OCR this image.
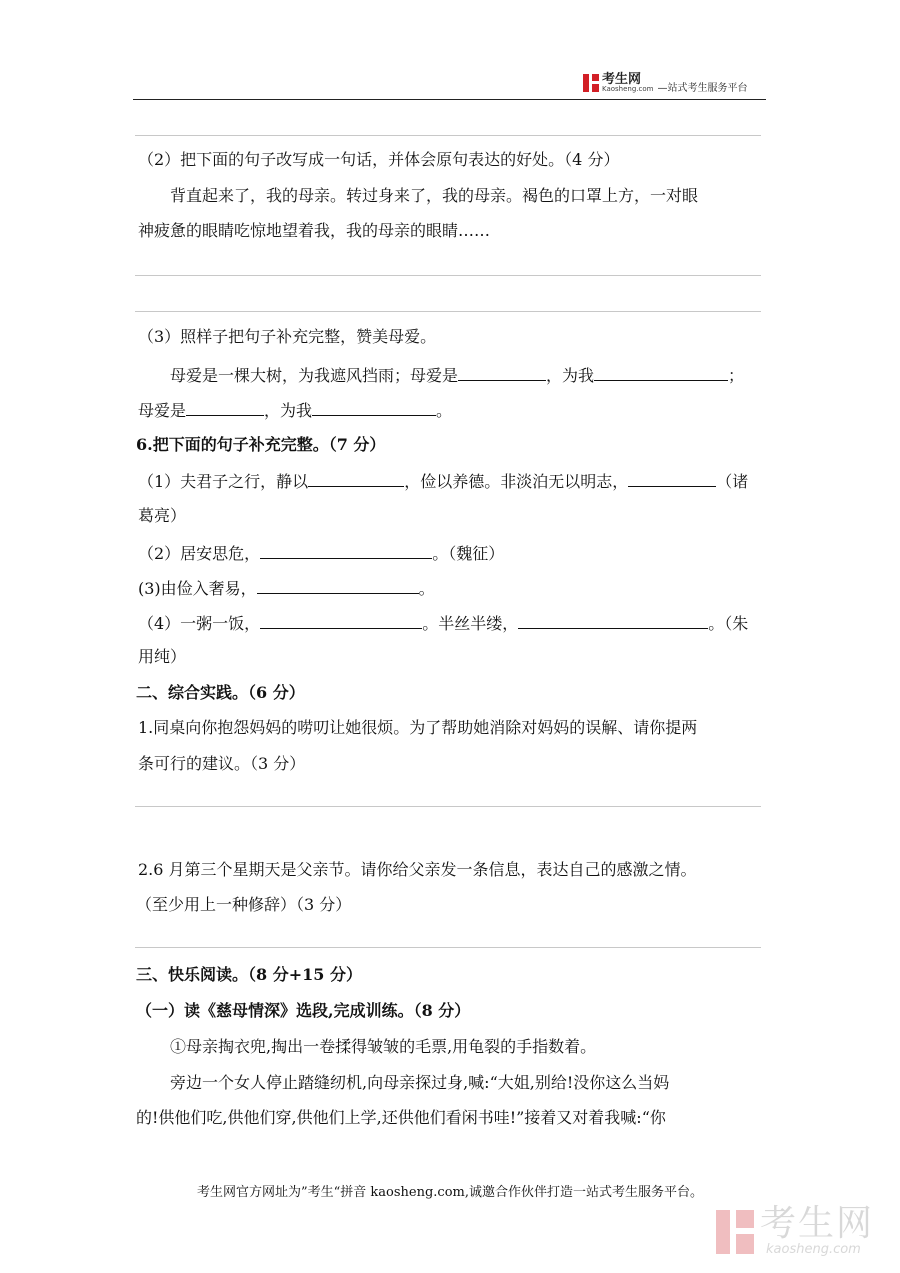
考生网
Kaosheng.com —站式考生服务平台
（2）把下面的句子改写成一句话，并体会原句表达的好处。（4 分）
背直起来了，我的母亲。转过身来了，我的母亲。褐色的口罩上方，一对眼
神疲惫的眼睛吃惊地望着我，我的母亲的眼睛……
（3）照样子把句子补充完整，赞美母爱。
母爱是一棵大树，为我遮风挡雨；母爱是	，为我	；
母爱是	，为我	。
6.把下面的句子补充完整。（7 分）
（1）夫君子之行，静以	，俭以养德。非淡泊无以明志，	（诸
葛亮）
（2）居安思危，	。（魏征）
(3)由俭入奢易，	。
（4）一粥一饭，	。半丝半缕，	。（朱
用纯）
二、综合实践。（6 分）
1.同桌向你抱怨妈妈的唠叨让她很烦。为了帮助她消除对妈妈的误解、请你提两
条可行的建议。（3 分）
2.6 月第三个星期天是父亲节。请你给父亲发一条信息，表达自己的感激之情。
（至少用上一种修辞）（3 分）
三、快乐阅读。（8 分+15 分）
（一）读《慈母情深》选段,完成训练。（8 分）
①母亲掏衣兜,掏出一卷揉得皱皱的毛票,用龟裂的手指数着。
旁边一个女人停止踏缝纫机,向母亲探过身,喊:“大姐,别给!没你这么当妈
的!供他们吃,供他们穿,供他们上学,还供他们看闲书哇!”接着又对着我喊:“你
考生网官方网址为”考生“拼音 kaosheng.com,诚邀合作伙伴打造一站式考生服务平台。
考生网
kaosheng.com
